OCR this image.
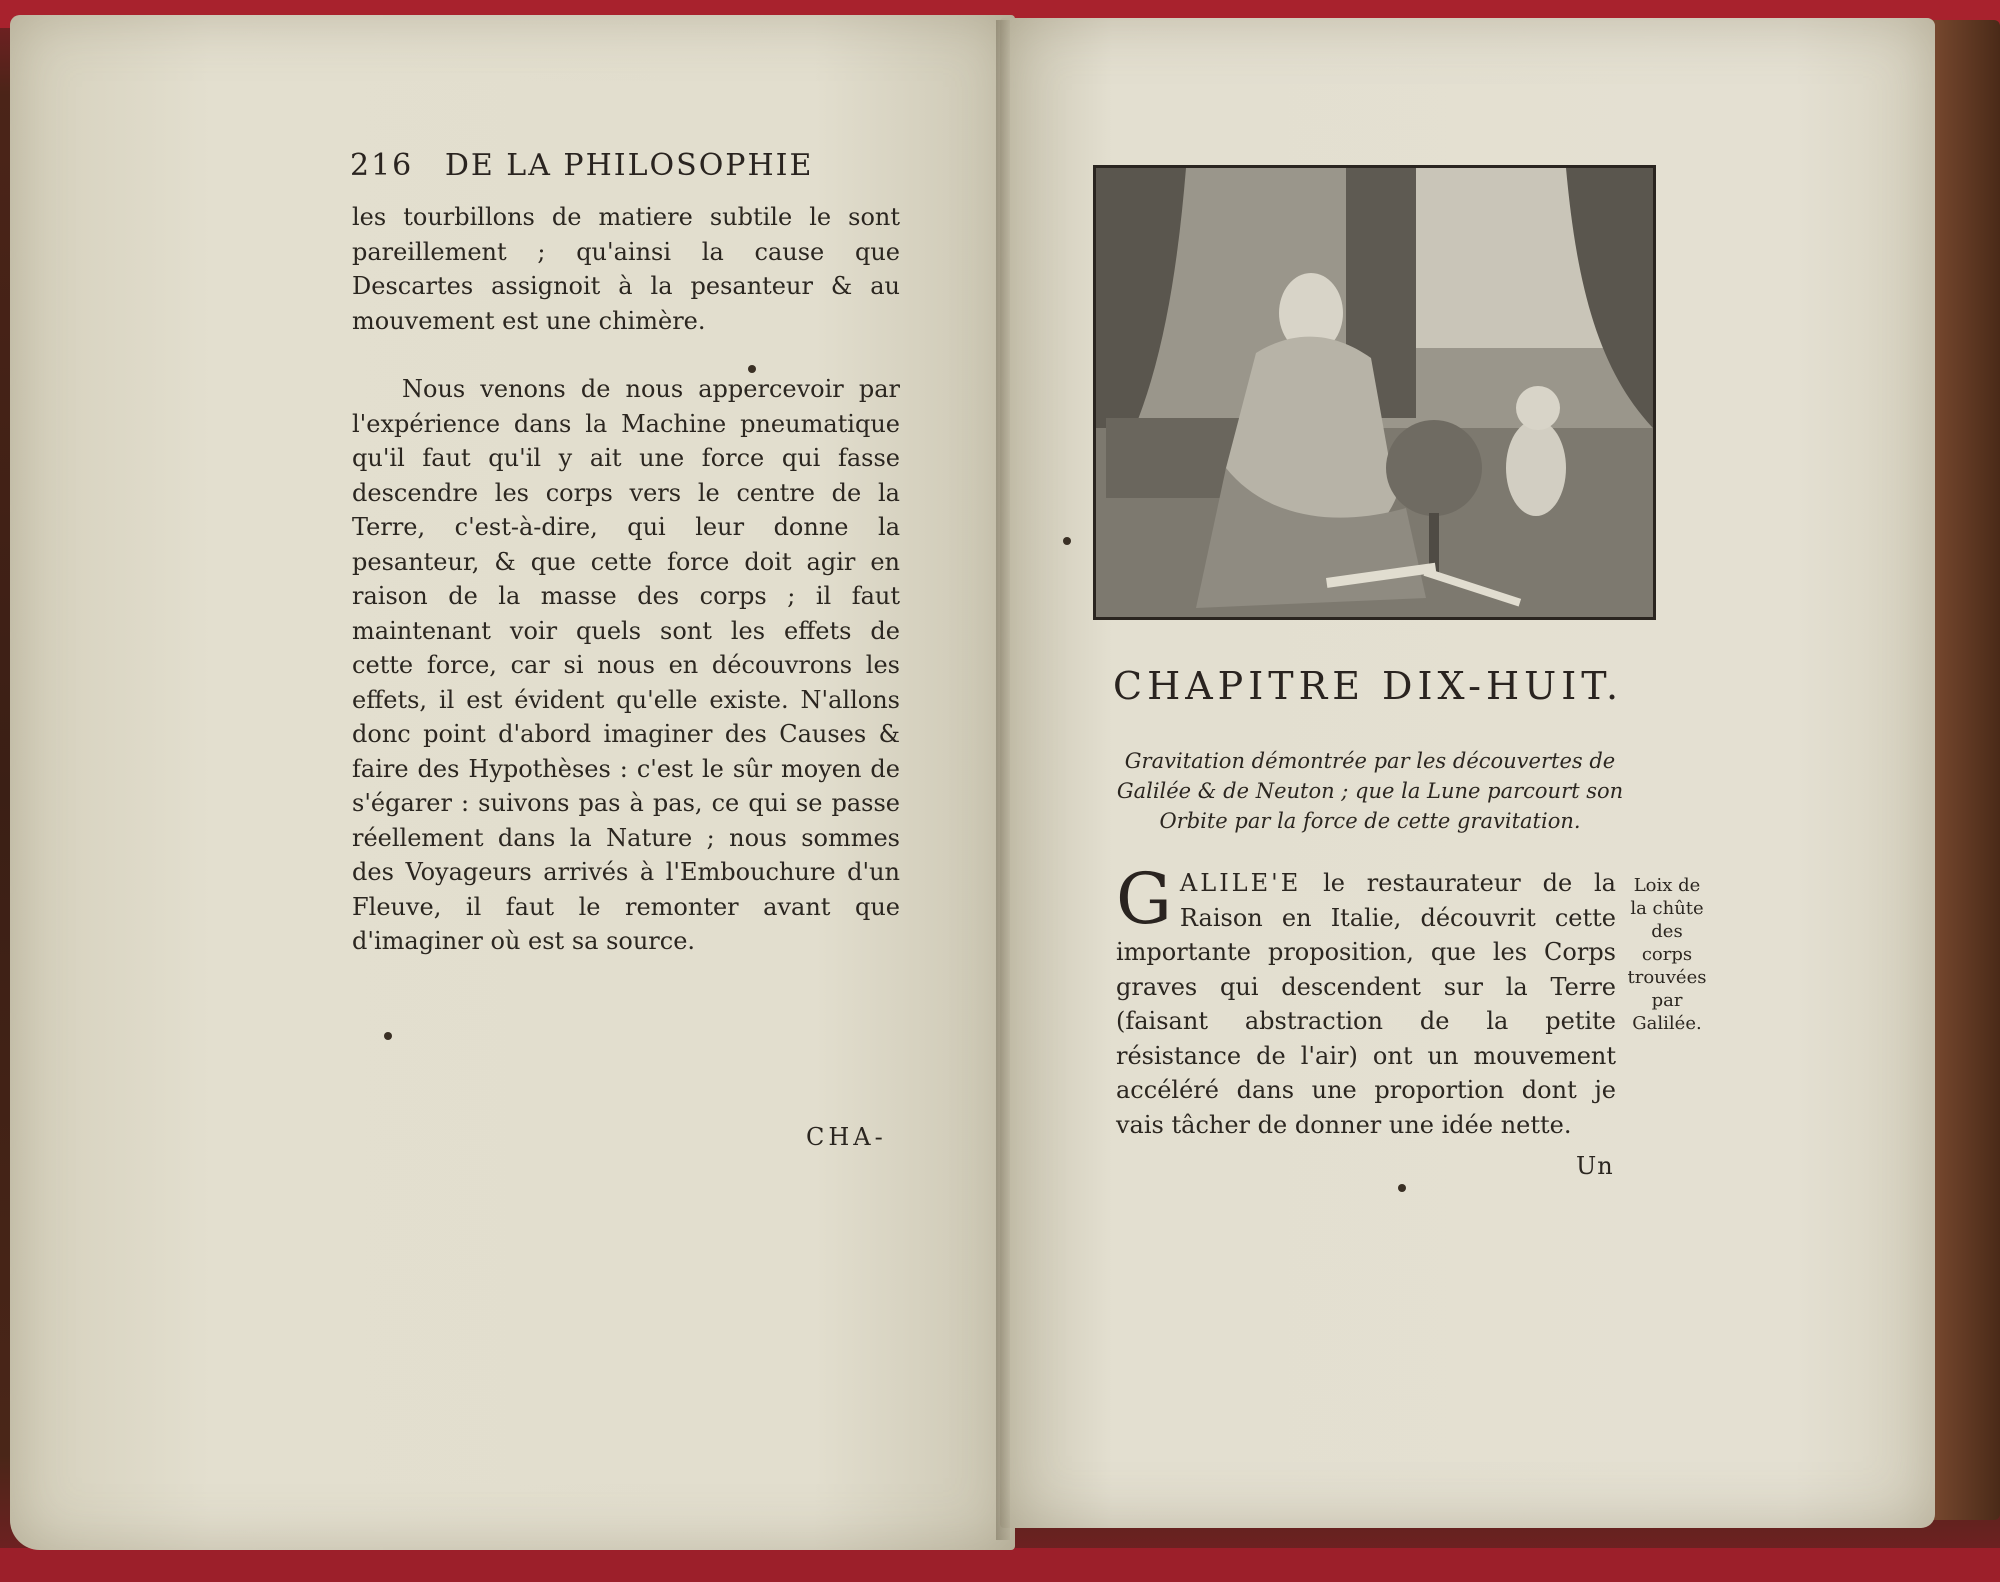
216 DE LA PHILOSOPHIE

les tourbillons de matiere subtile le sont pareillement ; qu'ainsi la cause que Descartes assignoit à la pesanteur & au mouvement est une chimère.

Nous venons de nous appercevoir par l'expérience dans la Machine pneumatique qu'il faut qu'il y ait une force qui fasse descendre les corps vers le centre de la Terre, c'est-à-dire, qui leur donne la pesanteur, & que cette force doit agir en raison de la masse des corps ; il faut maintenant voir quels sont les effets de cette force, car si nous en découvrons les effets, il est évident qu'elle existe. N'allons donc point d'abord imaginer des Causes & faire des Hypothèses : c'est le sûr moyen de s'égarer : suivons pas à pas, ce qui se passe réellement dans la Nature ; nous sommes des Voyageurs arrivés à l'Embouchure d'un Fleuve, il faut le remonter avant que d'imaginer où est sa source.

CHA-
CHAPITRE DIX-HUIT.
Gravitation démontrée par les découvertes de Galilée & de Neuton ; que la Lune parcourt son Orbite par la force de cette gravitation.
G ALILE'E le restaurateur de la Raison en Italie, découvrit cette importante proposition, que les Corps graves qui descendent sur la Terre (faisant abstraction de la petite résistance de l'air) ont un mouvement accéléré dans une proportion dont je vais tâcher de donner une idée nette.
Loix de la chûte des corps trouvées par Galilée.
Un
